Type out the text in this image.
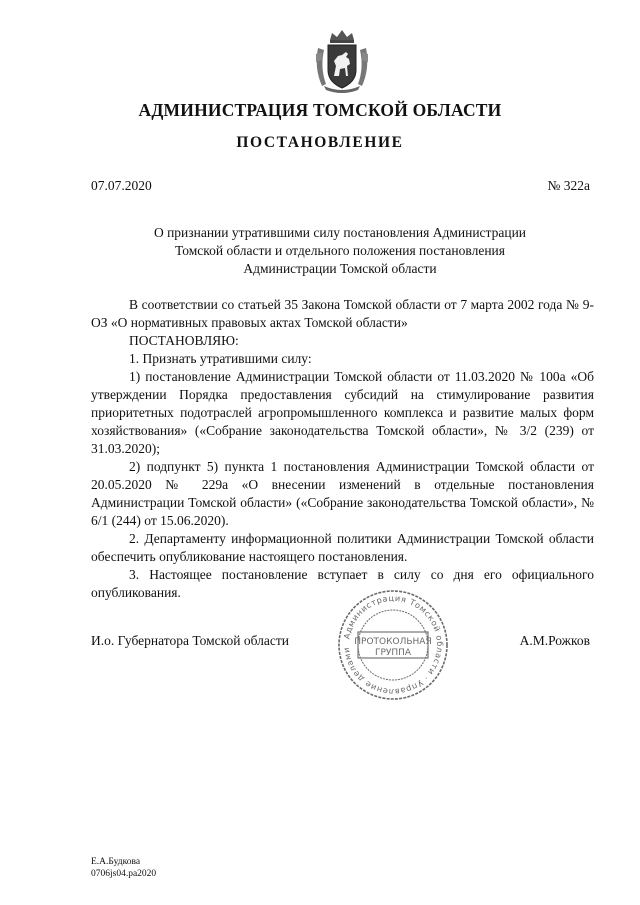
АДМИНИСТРАЦИЯ ТОМСКОЙ ОБЛАСТИ
ПОСТАНОВЛЕНИЕ
07.07.2020	№ 322а
О признании утратившими силу постановления Администрации
Томской области и отдельного положения постановления
Администрации Томской области

В соответствии со статьей 35 Закона Томской области от 7 марта 2002 года № 9-ОЗ «О нормативных правовых актах Томской области»

ПОСТАНОВЛЯЮ:

1. Признать утратившими силу:

1) постановление Администрации Томской области от 11.03.2020 № 100а «Об утверждении Порядка предоставления субсидий на стимулирование развития приоритетных подотраслей агропромышленного комплекса и развитие малых форм хозяйствования» («Собрание законодательства Томской области», № 3/2 (239) от 31.03.2020);

2) подпункт 5) пункта 1 постановления Администрации Томской области от 20.05.2020 № 229а «О внесении изменений в отдельные постановления Администрации Томской области» («Собрание законодательства Томской области», № 6/1 (244) от 15.06.2020).

2. Департаменту информационной политики Администрации Томской области обеспечить опубликование настоящего постановления.

3. Настоящее постановление вступает в силу со дня его официального опубликования.

И.о. Губернатора Томской области	А.М.Рожков
Администрация Томской области · Управление делами
ПРОТОКОЛЬНАЯ
ГРУППА
Е.А.Будкова
0706js04.ра2020
